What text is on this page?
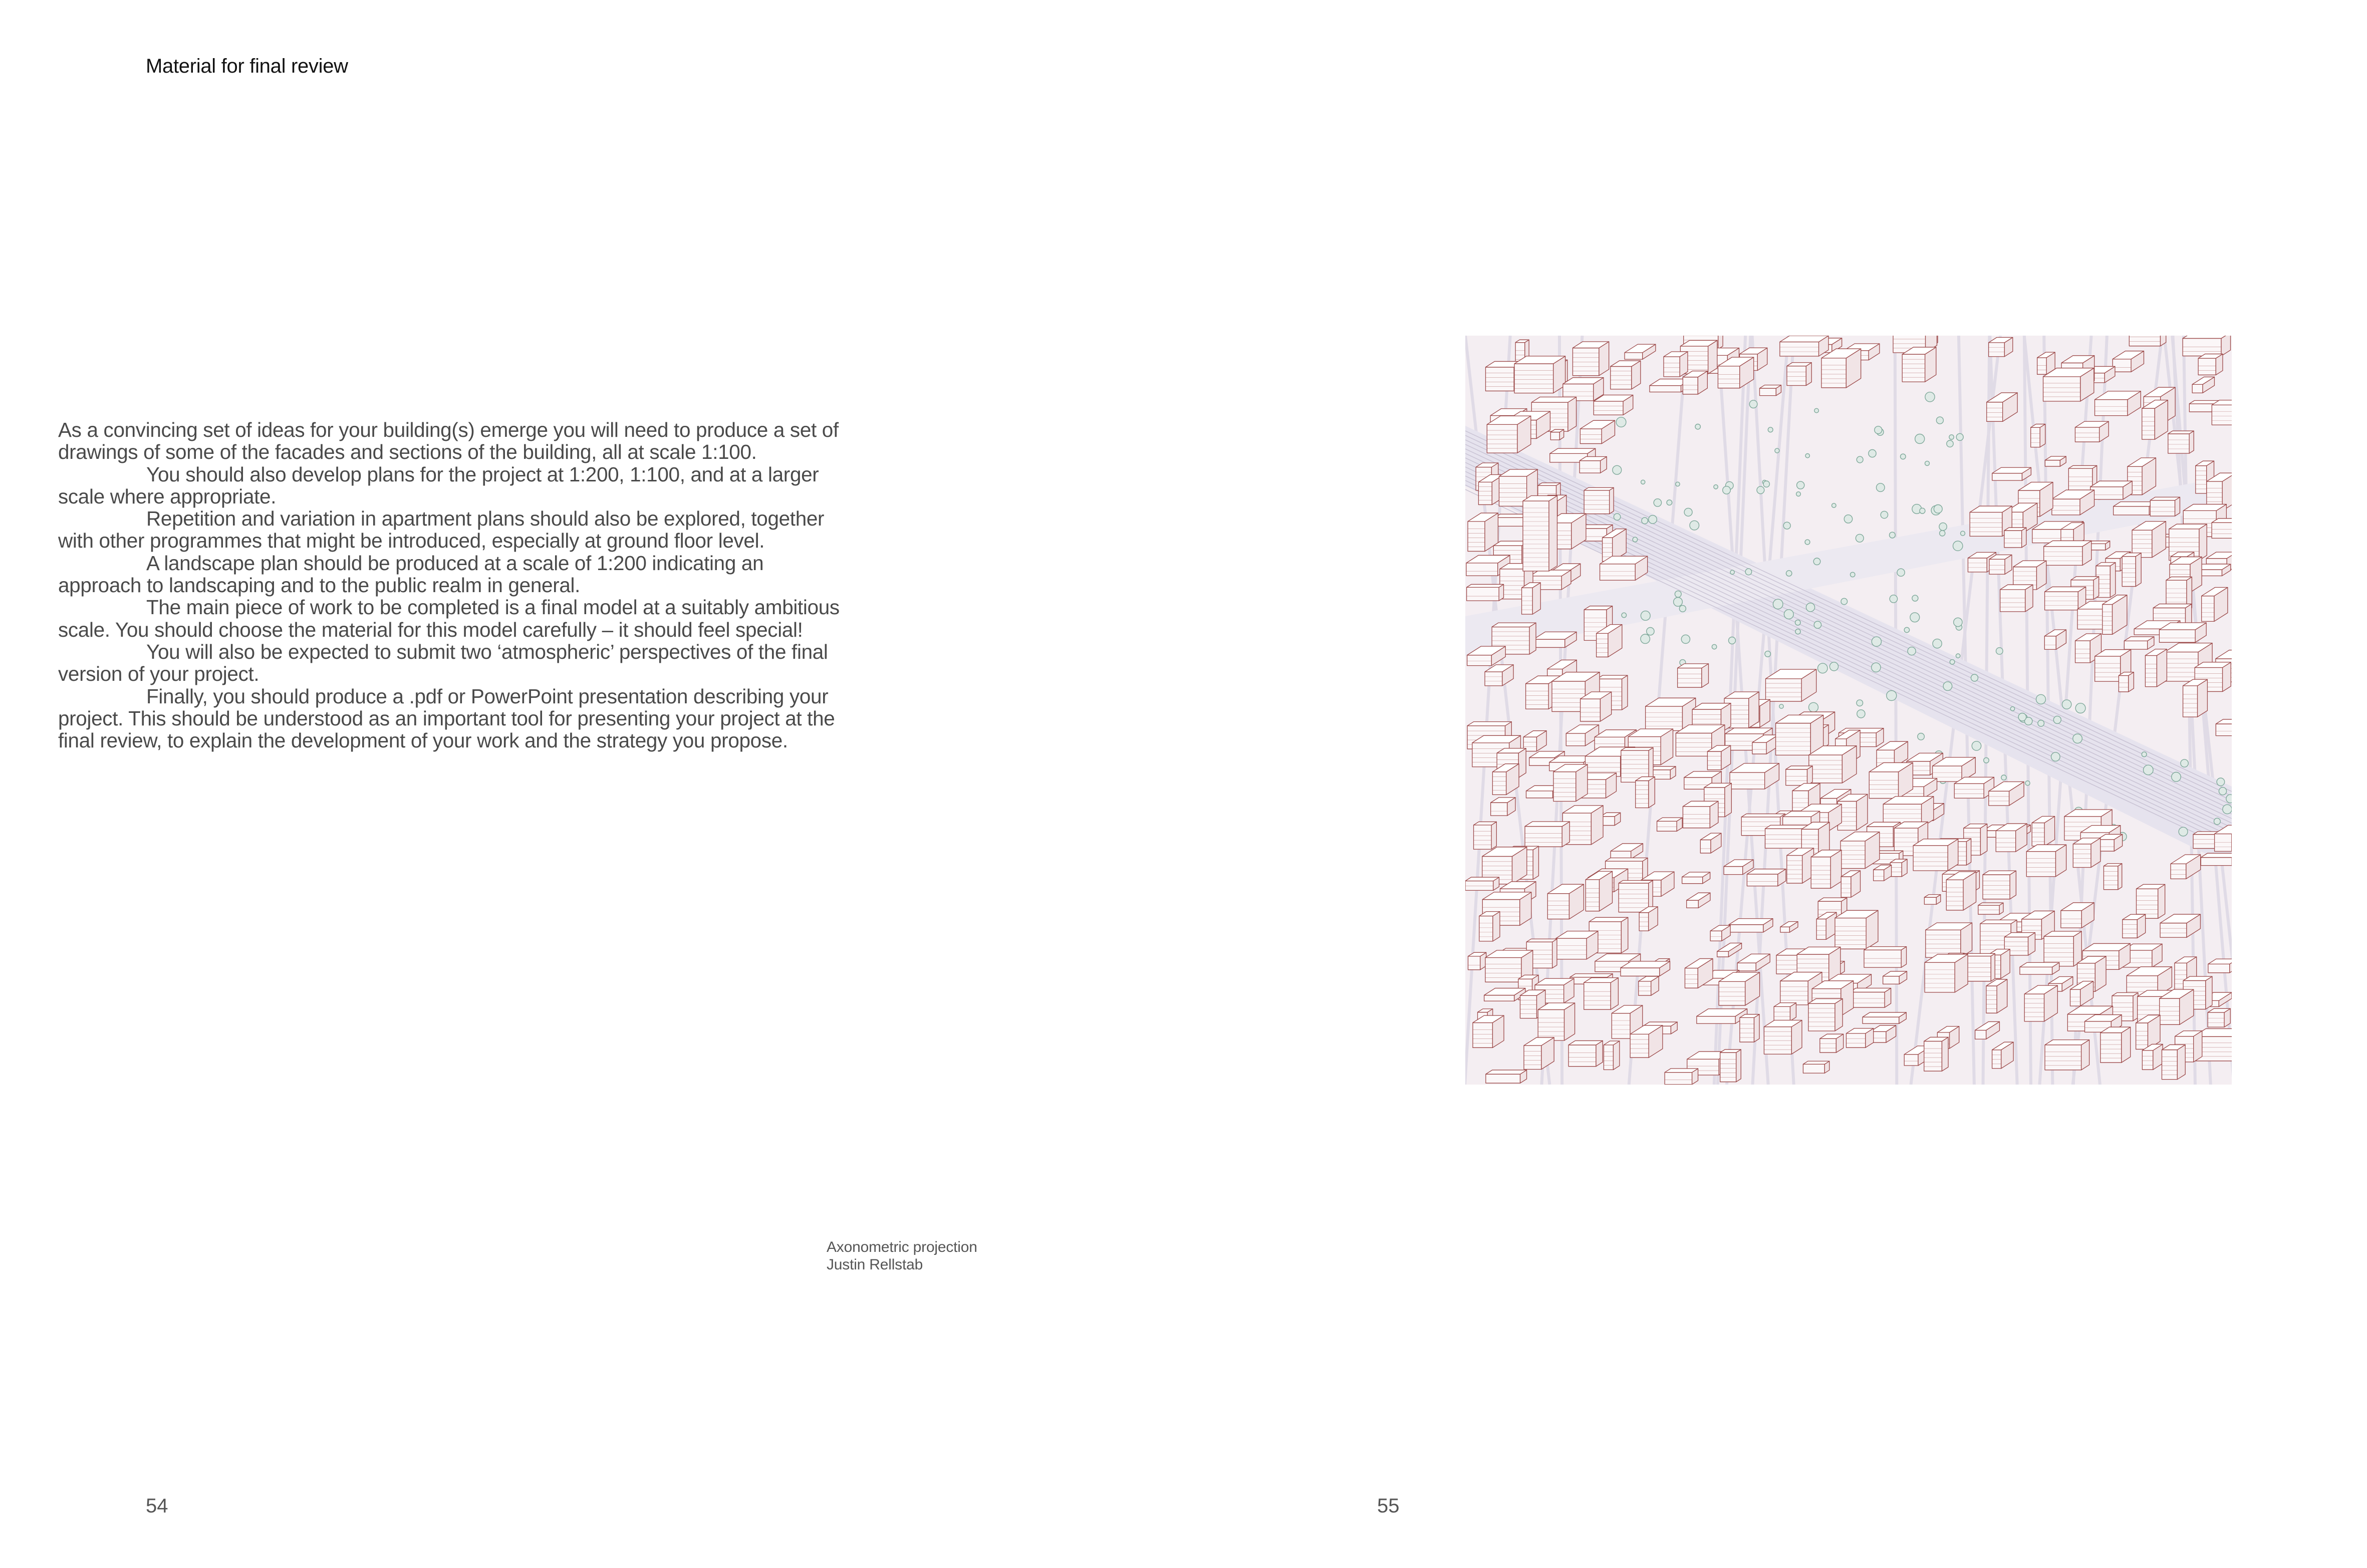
Material for final review

As a convincing set of ideas for your building(s) emerge you will need to produce a set of drawings of some of the facades and sections of the building, all at scale 1:100.

You should also develop plans for the project at 1:200, 1:100, and at a larger scale where appropriate.

Repetition and variation in apartment plans should also be explored, together with other programmes that might be introduced, especially at ground floor level.

A landscape plan should be produced at a scale of 1:200 indicating an approach to landscaping and to the public realm in general.

The main piece of work to be completed is a final model at a suitably ambitious scale. You should choose the material for this model carefully – it should feel special!

You will also be expected to submit two ‘atmospheric’ perspectives of the final version of your project.

Finally, you should produce a .pdf or PowerPoint presentation describing your project. This should be understood as an important tool for presenting your project at the final review, to explain the development of your work and the strategy you propose.

Axonometric projection
Justin Rellstab
54	55
